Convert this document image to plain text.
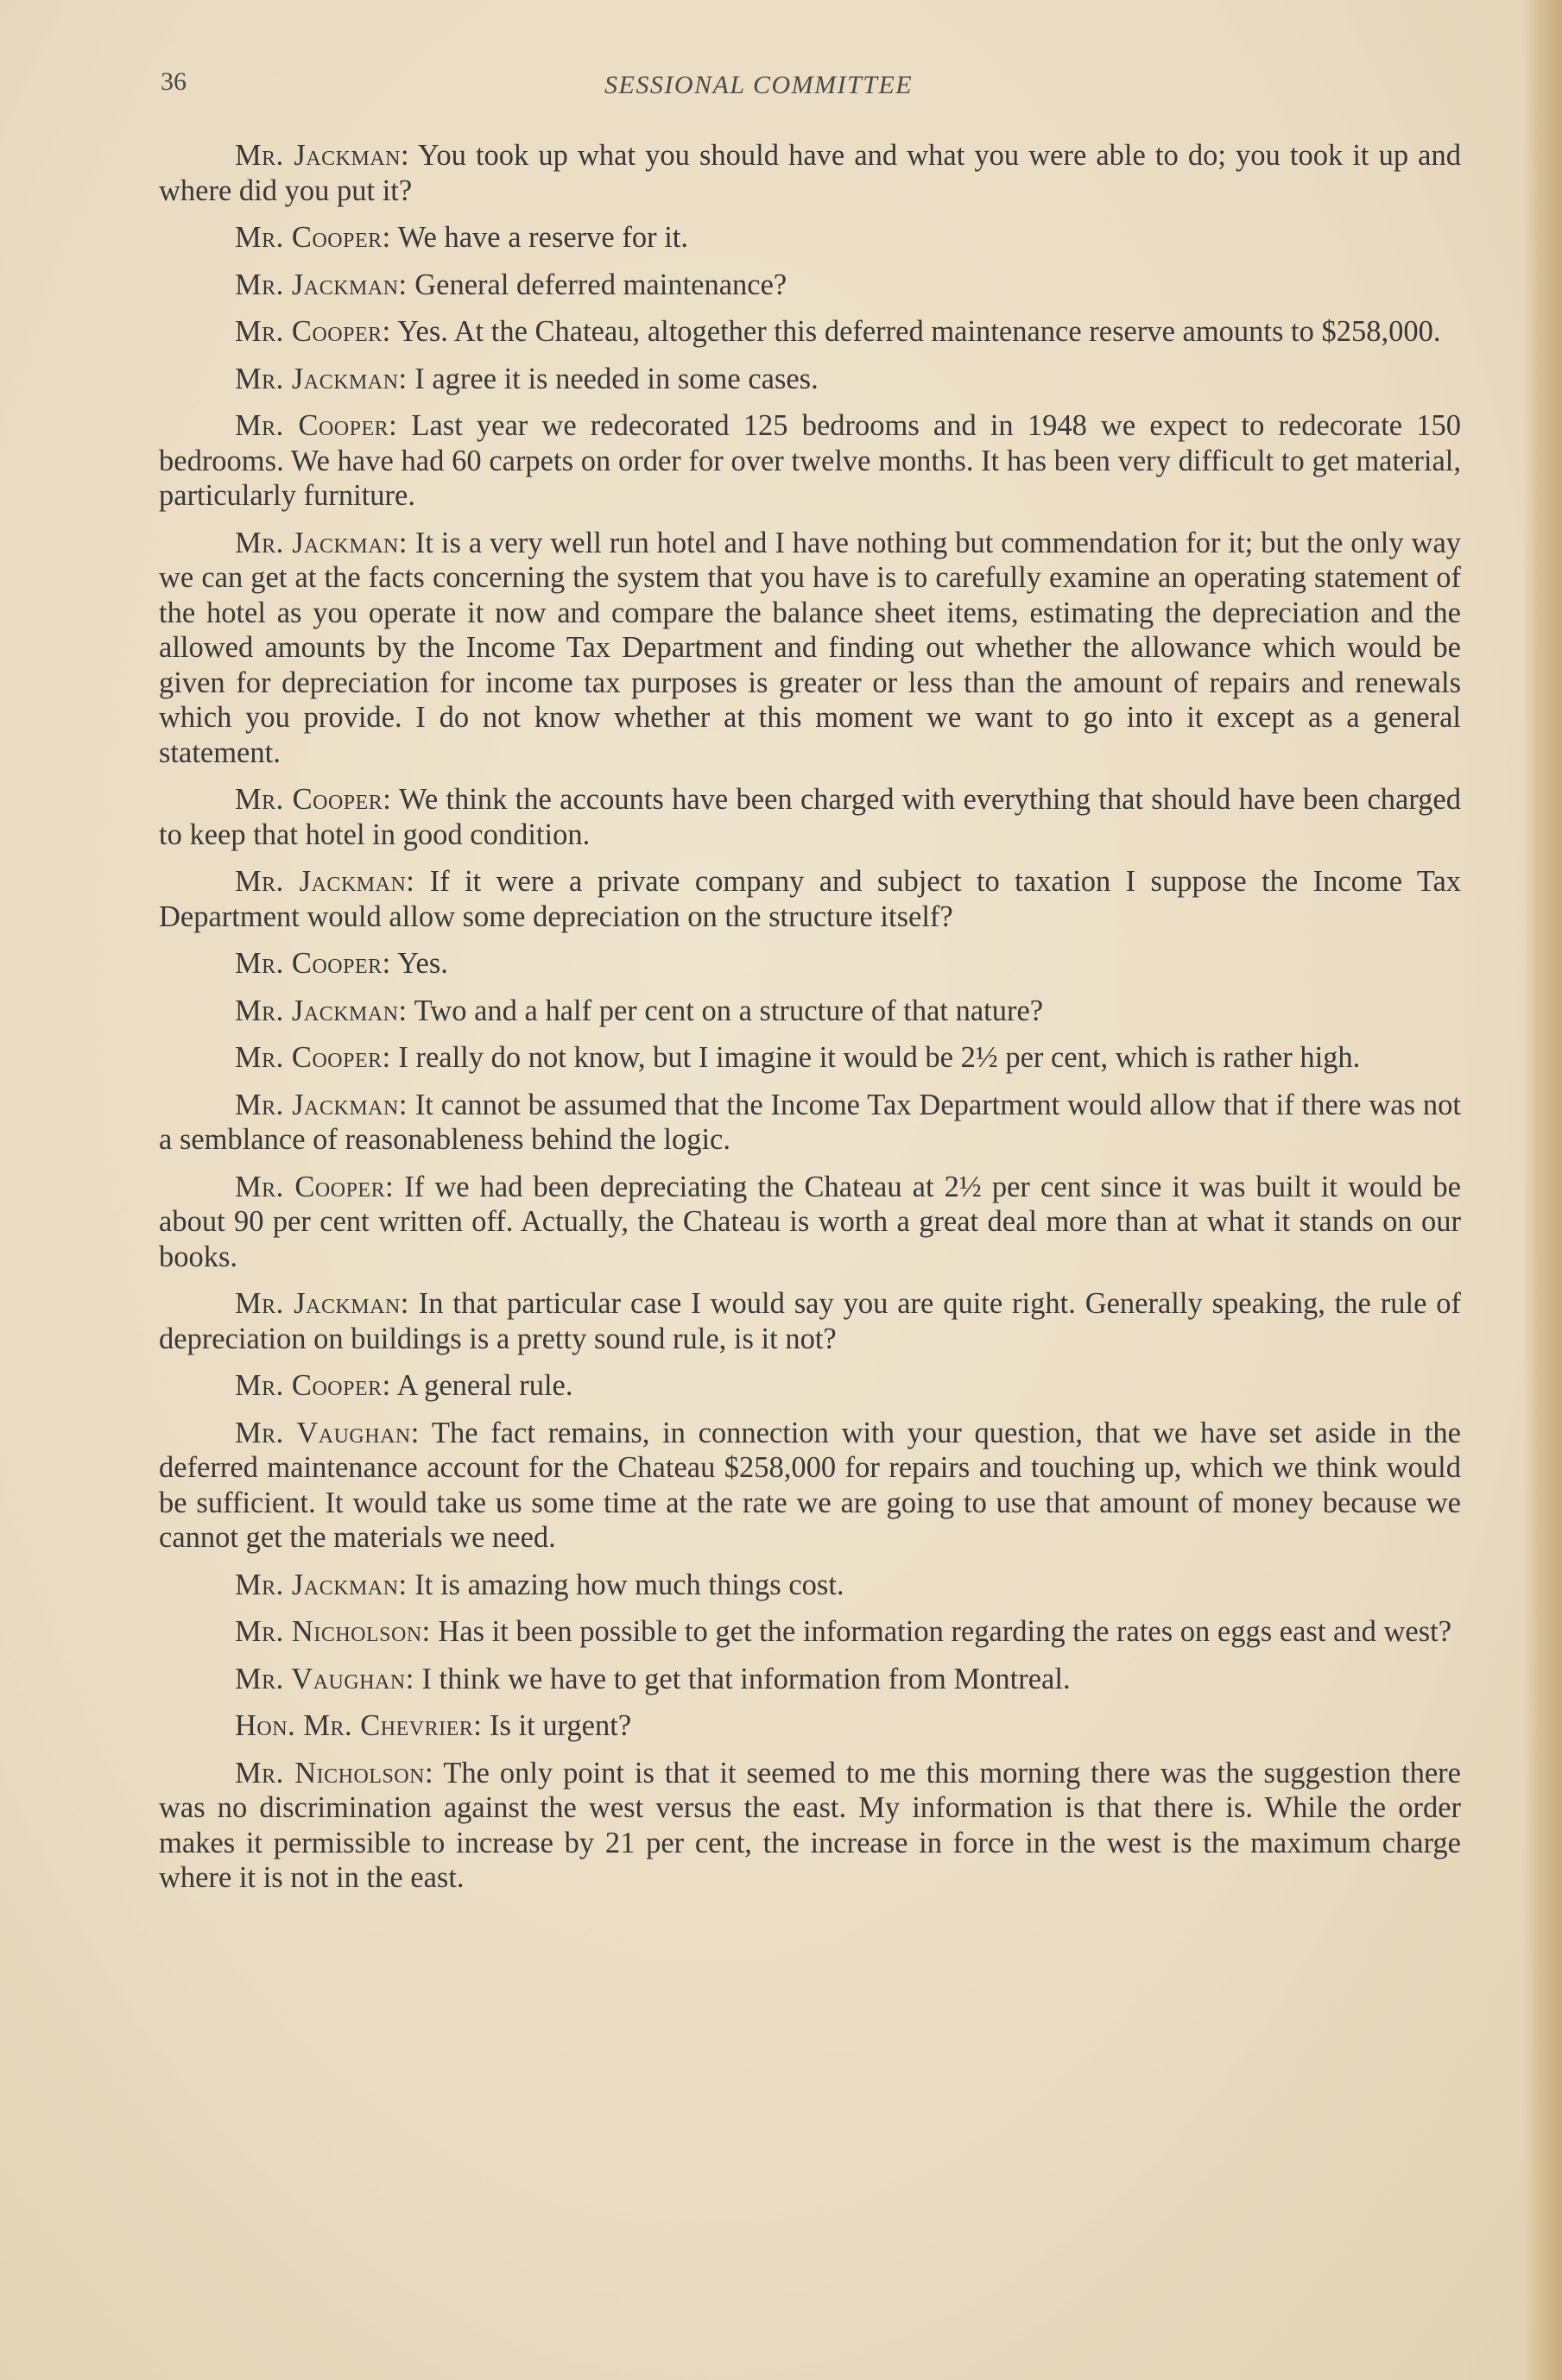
36	SESSIONAL COMMITTEE

Mr. Jackman: You took up what you should have and what you were able to do; you took it up and where did you put it?

Mr. Cooper: We have a reserve for it.

Mr. Jackman: General deferred maintenance?

Mr. Cooper: Yes. At the Chateau, altogether this deferred maintenance reserve amounts to $258,000.

Mr. Jackman: I agree it is needed in some cases.

Mr. Cooper: Last year we redecorated 125 bedrooms and in 1948 we expect to redecorate 150 bedrooms. We have had 60 carpets on order for over twelve months. It has been very difficult to get material, particularly furniture.

Mr. Jackman: It is a very well run hotel and I have nothing but commendation for it; but the only way we can get at the facts concerning the system that you have is to carefully examine an operating statement of the hotel as you operate it now and compare the balance sheet items, estimating the depreciation and the allowed amounts by the Income Tax Department and finding out whether the allowance which would be given for depreciation for income tax purposes is greater or less than the amount of repairs and renewals which you provide. I do not know whether at this moment we want to go into it except as a general statement.

Mr. Cooper: We think the accounts have been charged with everything that should have been charged to keep that hotel in good condition.

Mr. Jackman: If it were a private company and subject to taxation I suppose the Income Tax Department would allow some depreciation on the structure itself?

Mr. Cooper: Yes.

Mr. Jackman: Two and a half per cent on a structure of that nature?

Mr. Cooper: I really do not know, but I imagine it would be 2½ per cent, which is rather high.

Mr. Jackman: It cannot be assumed that the Income Tax Department would allow that if there was not a semblance of reasonableness behind the logic.

Mr. Cooper: If we had been depreciating the Chateau at 2½ per cent since it was built it would be about 90 per cent written off. Actually, the Chateau is worth a great deal more than at what it stands on our books.

Mr. Jackman: In that particular case I would say you are quite right. Generally speaking, the rule of depreciation on buildings is a pretty sound rule, is it not?

Mr. Cooper: A general rule.

Mr. Vaughan: The fact remains, in connection with your question, that we have set aside in the deferred maintenance account for the Chateau $258,000 for repairs and touching up, which we think would be sufficient. It would take us some time at the rate we are going to use that amount of money because we cannot get the materials we need.

Mr. Jackman: It is amazing how much things cost.

Mr. Nicholson: Has it been possible to get the information regarding the rates on eggs east and west?

Mr. Vaughan: I think we have to get that information from Montreal.

Hon. Mr. Chevrier: Is it urgent?

Mr. Nicholson: The only point is that it seemed to me this morning there was the suggestion there was no discrimination against the west versus the east. My information is that there is. While the order makes it permissible to increase by 21 per cent, the increase in force in the west is the maximum charge where it is not in the east.
